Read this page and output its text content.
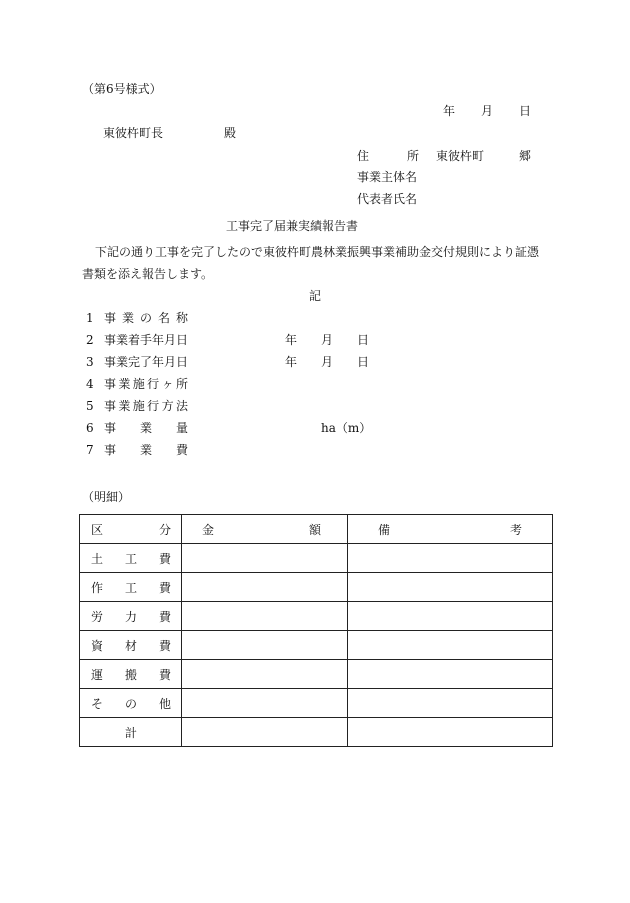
（第6号様式）
年 月 日
東彼杵町長	殿
住	所 東彼杵町	郷
事業主体名
代表者氏名
工事完了届兼実績報告書
下記の通り工事を完了したので東彼杵町農林業振興事業補助金交付規則により証憑
書類を添え報告します。
記
1 事 業 の 名 称
2 事業着手年月日	年 月 日
3 事業完了年月日	年 月 日
4 事 業 施 行 ヶ 所
5 事 業 施 行 方 法
6 事 業 量	ha（m）
7 事 業 費
（明細）
区 分	金 額	備 考

土 工 費		

作 工 費		

労 力 費		

資 材 費		

運 搬 費		

そ の 他		

計		
